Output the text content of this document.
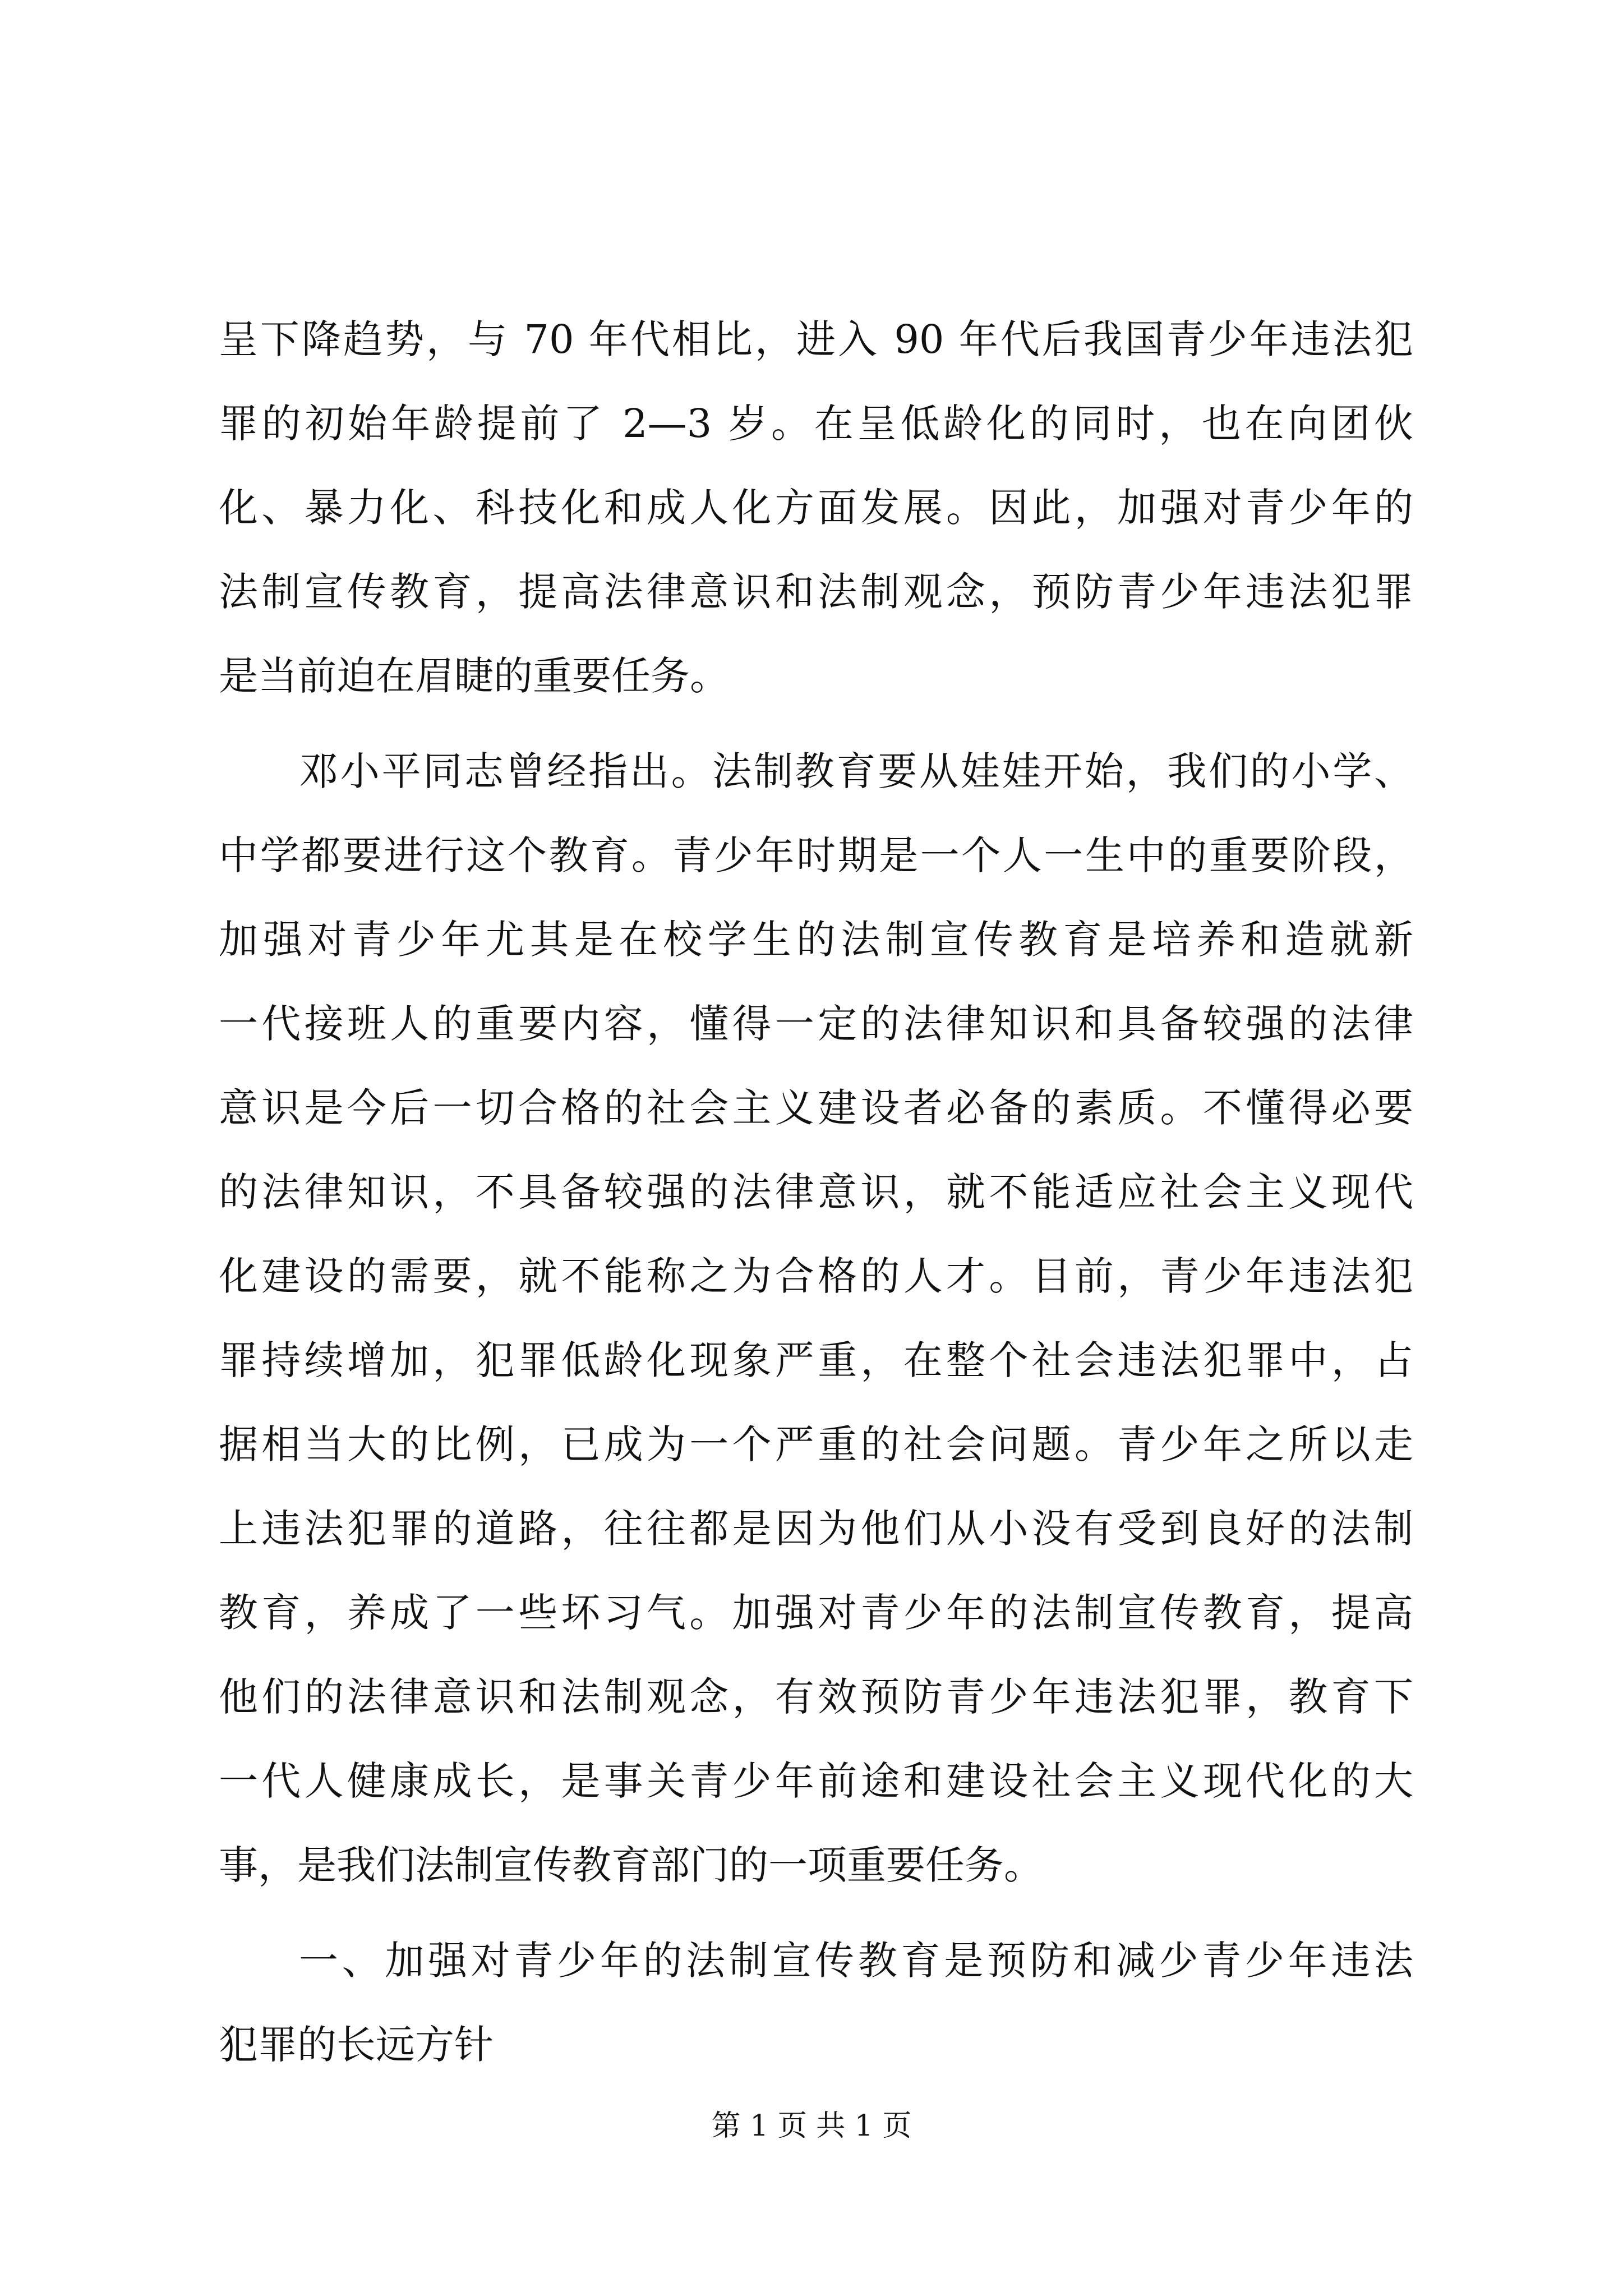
呈下降趋势，与 70 年代相比，进入 90 年代后我国青少年违法犯
罪的初始年龄提前了 2—3 岁。在呈低龄化的同时，也在向团伙
化、暴力化、科技化和成人化方面发展。因此，加强对青少年的
法制宣传教育，提高法律意识和法制观念，预防青少年违法犯罪
是当前迫在眉睫的重要任务。
邓小平同志曾经指出。法制教育要从娃娃开始，我们的小学、
中学都要进行这个教育。青少年时期是一个人一生中的重要阶段，
加强对青少年尤其是在校学生的法制宣传教育是培养和造就新
一代接班人的重要内容，懂得一定的法律知识和具备较强的法律
意识是今后一切合格的社会主义建设者必备的素质。不懂得必要
的法律知识，不具备较强的法律意识，就不能适应社会主义现代
化建设的需要，就不能称之为合格的人才。目前，青少年违法犯
罪持续增加，犯罪低龄化现象严重，在整个社会违法犯罪中，占
据相当大的比例，已成为一个严重的社会问题。青少年之所以走
上违法犯罪的道路，往往都是因为他们从小没有受到良好的法制
教育，养成了一些坏习气。加强对青少年的法制宣传教育，提高
他们的法律意识和法制观念，有效预防青少年违法犯罪，教育下
一代人健康成长，是事关青少年前途和建设社会主义现代化的大
事，是我们法制宣传教育部门的一项重要任务。
一、加强对青少年的法制宣传教育是预防和减少青少年违法
犯罪的长远方针
第 1 页 共 1 页
